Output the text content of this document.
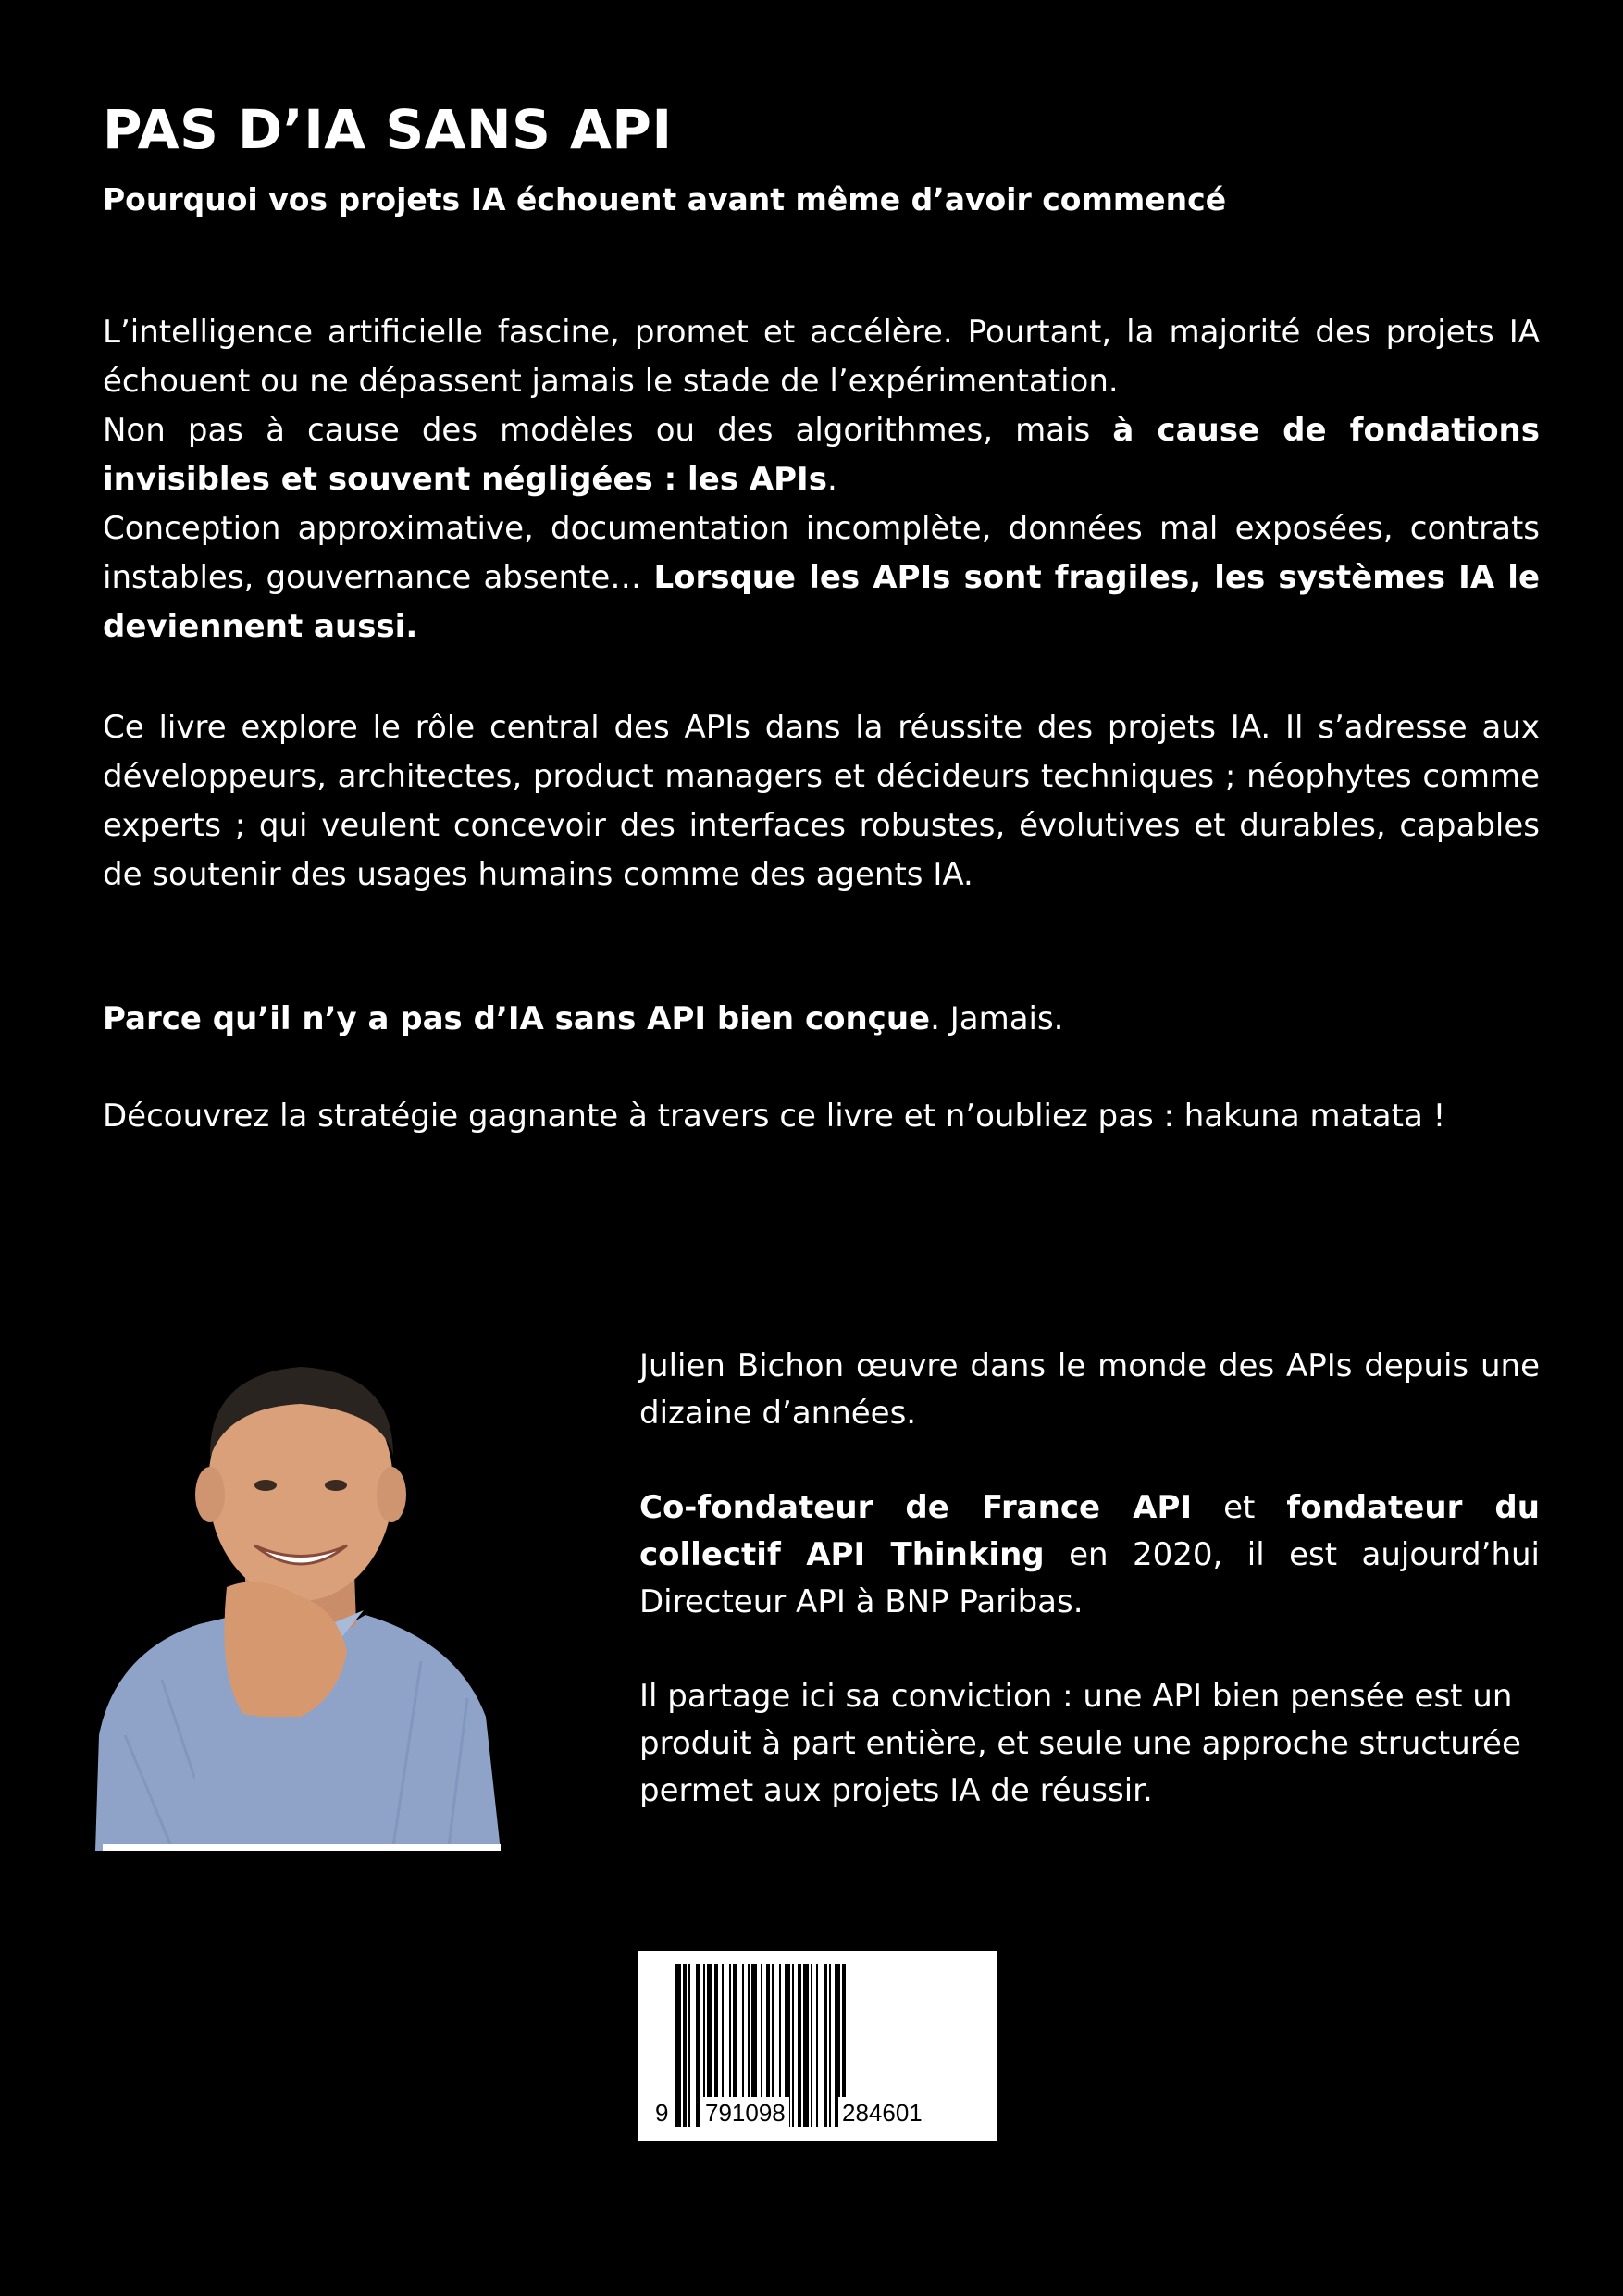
PAS D’IA SANS API
Pourquoi vos projets IA échouent avant même d’avoir commencé

L’intelligence artificielle fascine, promet et accélère. Pourtant, la majorité des projets IA échouent ou ne dépassent jamais le stade de l’expérimentation.
Non pas à cause des modèles ou des algorithmes, mais à cause de fondations invisibles et souvent négligées : les APIs.
Conception approximative, documentation incomplète, données mal exposées, contrats instables, gouvernance absente… Lorsque les APIs sont fragiles, les systèmes IA le deviennent aussi.

Ce livre explore le rôle central des APIs dans la réussite des projets IA. Il s’adresse aux développeurs, architectes, product managers et décideurs techniques ; néophytes comme experts ; qui veulent concevoir des interfaces robustes, évolutives et durables, capables de soutenir des usages humains comme des agents IA.

Parce qu’il n’y a pas d’IA sans API bien conçue. Jamais.

Découvrez la stratégie gagnante à travers ce livre et n’oubliez pas : hakuna matata !

Julien Bichon œuvre dans le monde des APIs depuis une dizaine d’années.

Co-fondateur de France API et fondateur du collectif API Thinking en 2020, il est aujourd’hui Directeur API à BNP Paribas.

Il partage ici sa conviction : une API bien pensée est un produit à part entière, et seule une approche structurée permet aux projets IA de réussir.

9 791098 284601
